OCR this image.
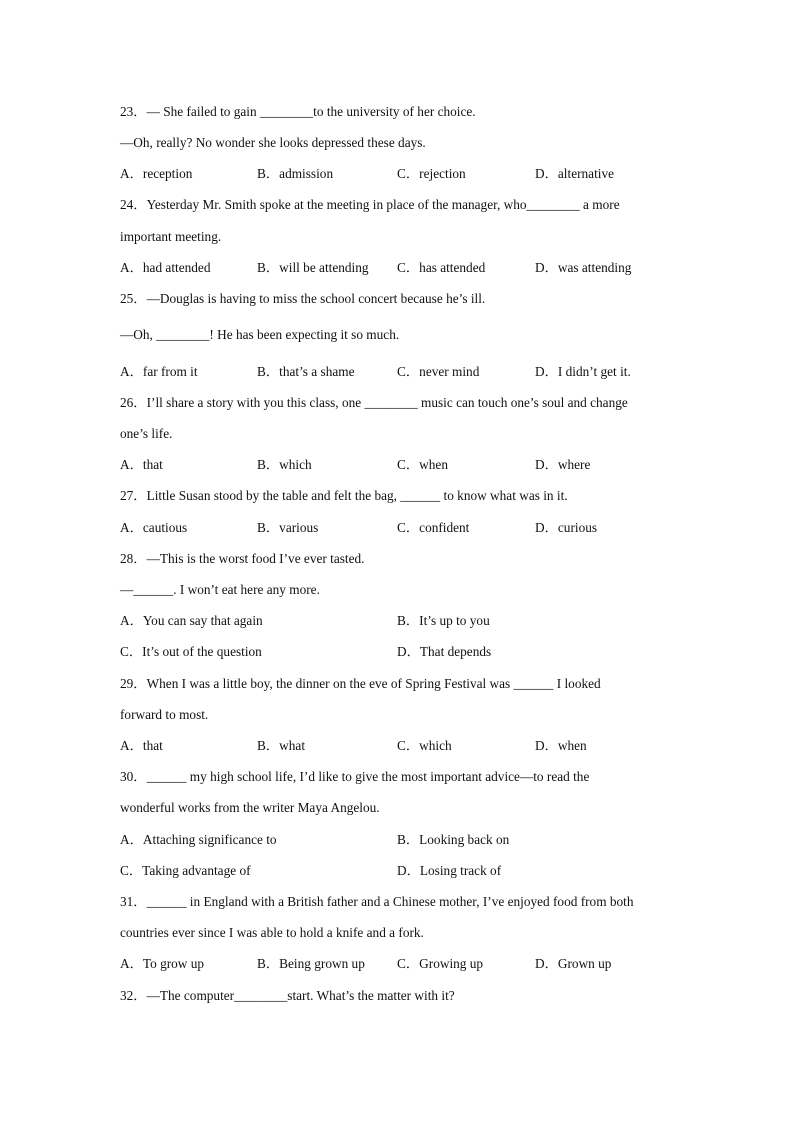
23．— She failed to gain ________to the university of her choice.
—Oh, really? No wonder she looks depressed these days.
A．reception	B．admission	C．rejection	D．alternative
24．Yesterday Mr. Smith spoke at the meeting in place of the manager, who________ a more
important meeting.
A．had attended	B．will be attending C．has attended	D．was attending
25．—Douglas is having to miss the school concert because he’s ill.
—Oh, ________! He has been expecting it so much.
A．far from it	B．that’s a shame	C．never mind	D．I didn’t get it.
26．I’ll share a story with you this class, one ________ music can touch one’s soul and change
one’s life.
A．that	B．which	C．when	D．where
27．Little Susan stood by the table and felt the bag, ______ to know what was in it.
A．cautious	B．various	C．confident	D．curious
28．—This is the worst food I’ve ever tasted.
—______. I won’t eat here any more.
A．You can say that again	B．It’s up to you
C．It’s out of the question	D．That depends
29．When I was a little boy, the dinner on the eve of Spring Festival was ______ I looked
forward to most.
A．that	B．what	C．which	D．when
30．______ my high school life, I’d like to give the most important advice—to read the
wonderful works from the writer Maya Angelou.
A．Attaching significance to	B．Looking back on
C．Taking advantage of	D．Losing track of
31．______ in England with a British father and a Chinese mother, I’ve enjoyed food from both
countries ever since I was able to hold a knife and a fork.
A．To grow up	B．Being grown up C．Growing up	D．Grown up
32．—The computer________start. What’s the matter with it?
